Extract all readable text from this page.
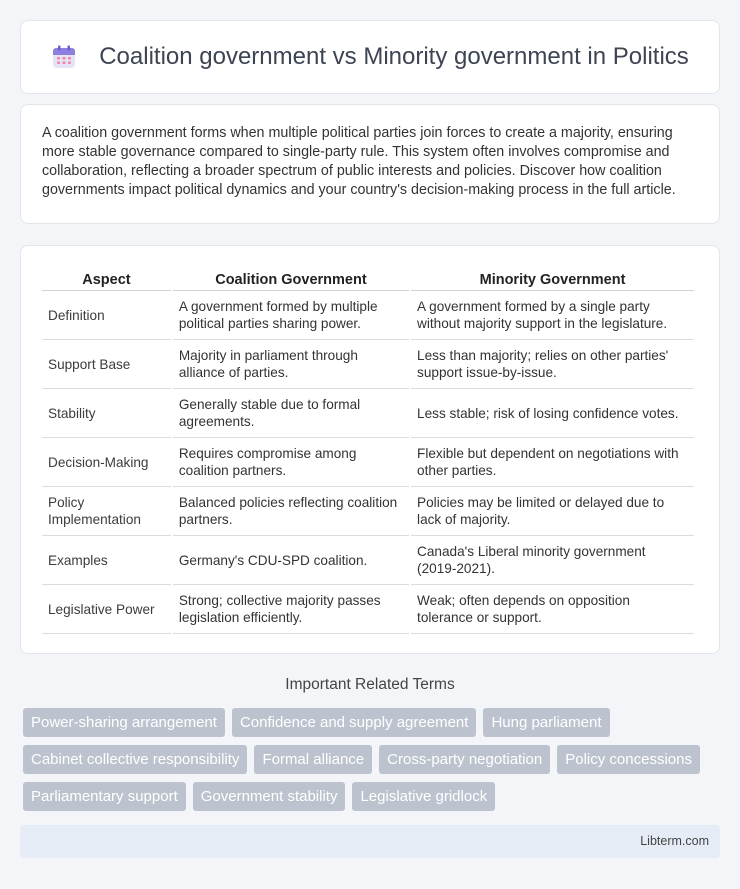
Coalition government vs Minority government in Politics

A coalition government forms when multiple political parties join forces to create a majority, ensuring more stable governance compared to single-party rule. This system often involves compromise and collaboration, reflecting a broader spectrum of public interests and policies. Discover how coalition governments impact political dynamics and your country's decision-making process in the full article.

Aspect	Coalition Government	Minority Government
Definition	A government formed by multiple political parties sharing power.	A government formed by a single party without majority support in the legislature.
Support Base	Majority in parliament through alliance of parties.	Less than majority; relies on other parties' support issue-by-issue.
Stability	Generally stable due to formal agreements.	Less stable; risk of losing confidence votes.
Decision-Making	Requires compromise among coalition partners.	Flexible but dependent on negotiations with other parties.
Policy Implementation	Balanced policies reflecting coalition partners.	Policies may be limited or delayed due to lack of majority.
Examples	Germany's CDU-SPD coalition.	Canada's Liberal minority government (2019-2021).
Legislative Power	Strong; collective majority passes legislation efficiently.	Weak; often depends on opposition tolerance or support.
Important Related Terms
Power-sharing arrangement	Confidence and supply agreement	Hung parliament
Cabinet collective responsibility	Formal alliance	Cross-party negotiation	Policy concessions
Parliamentary support	Government stability	Legislative gridlock
Libterm.com
